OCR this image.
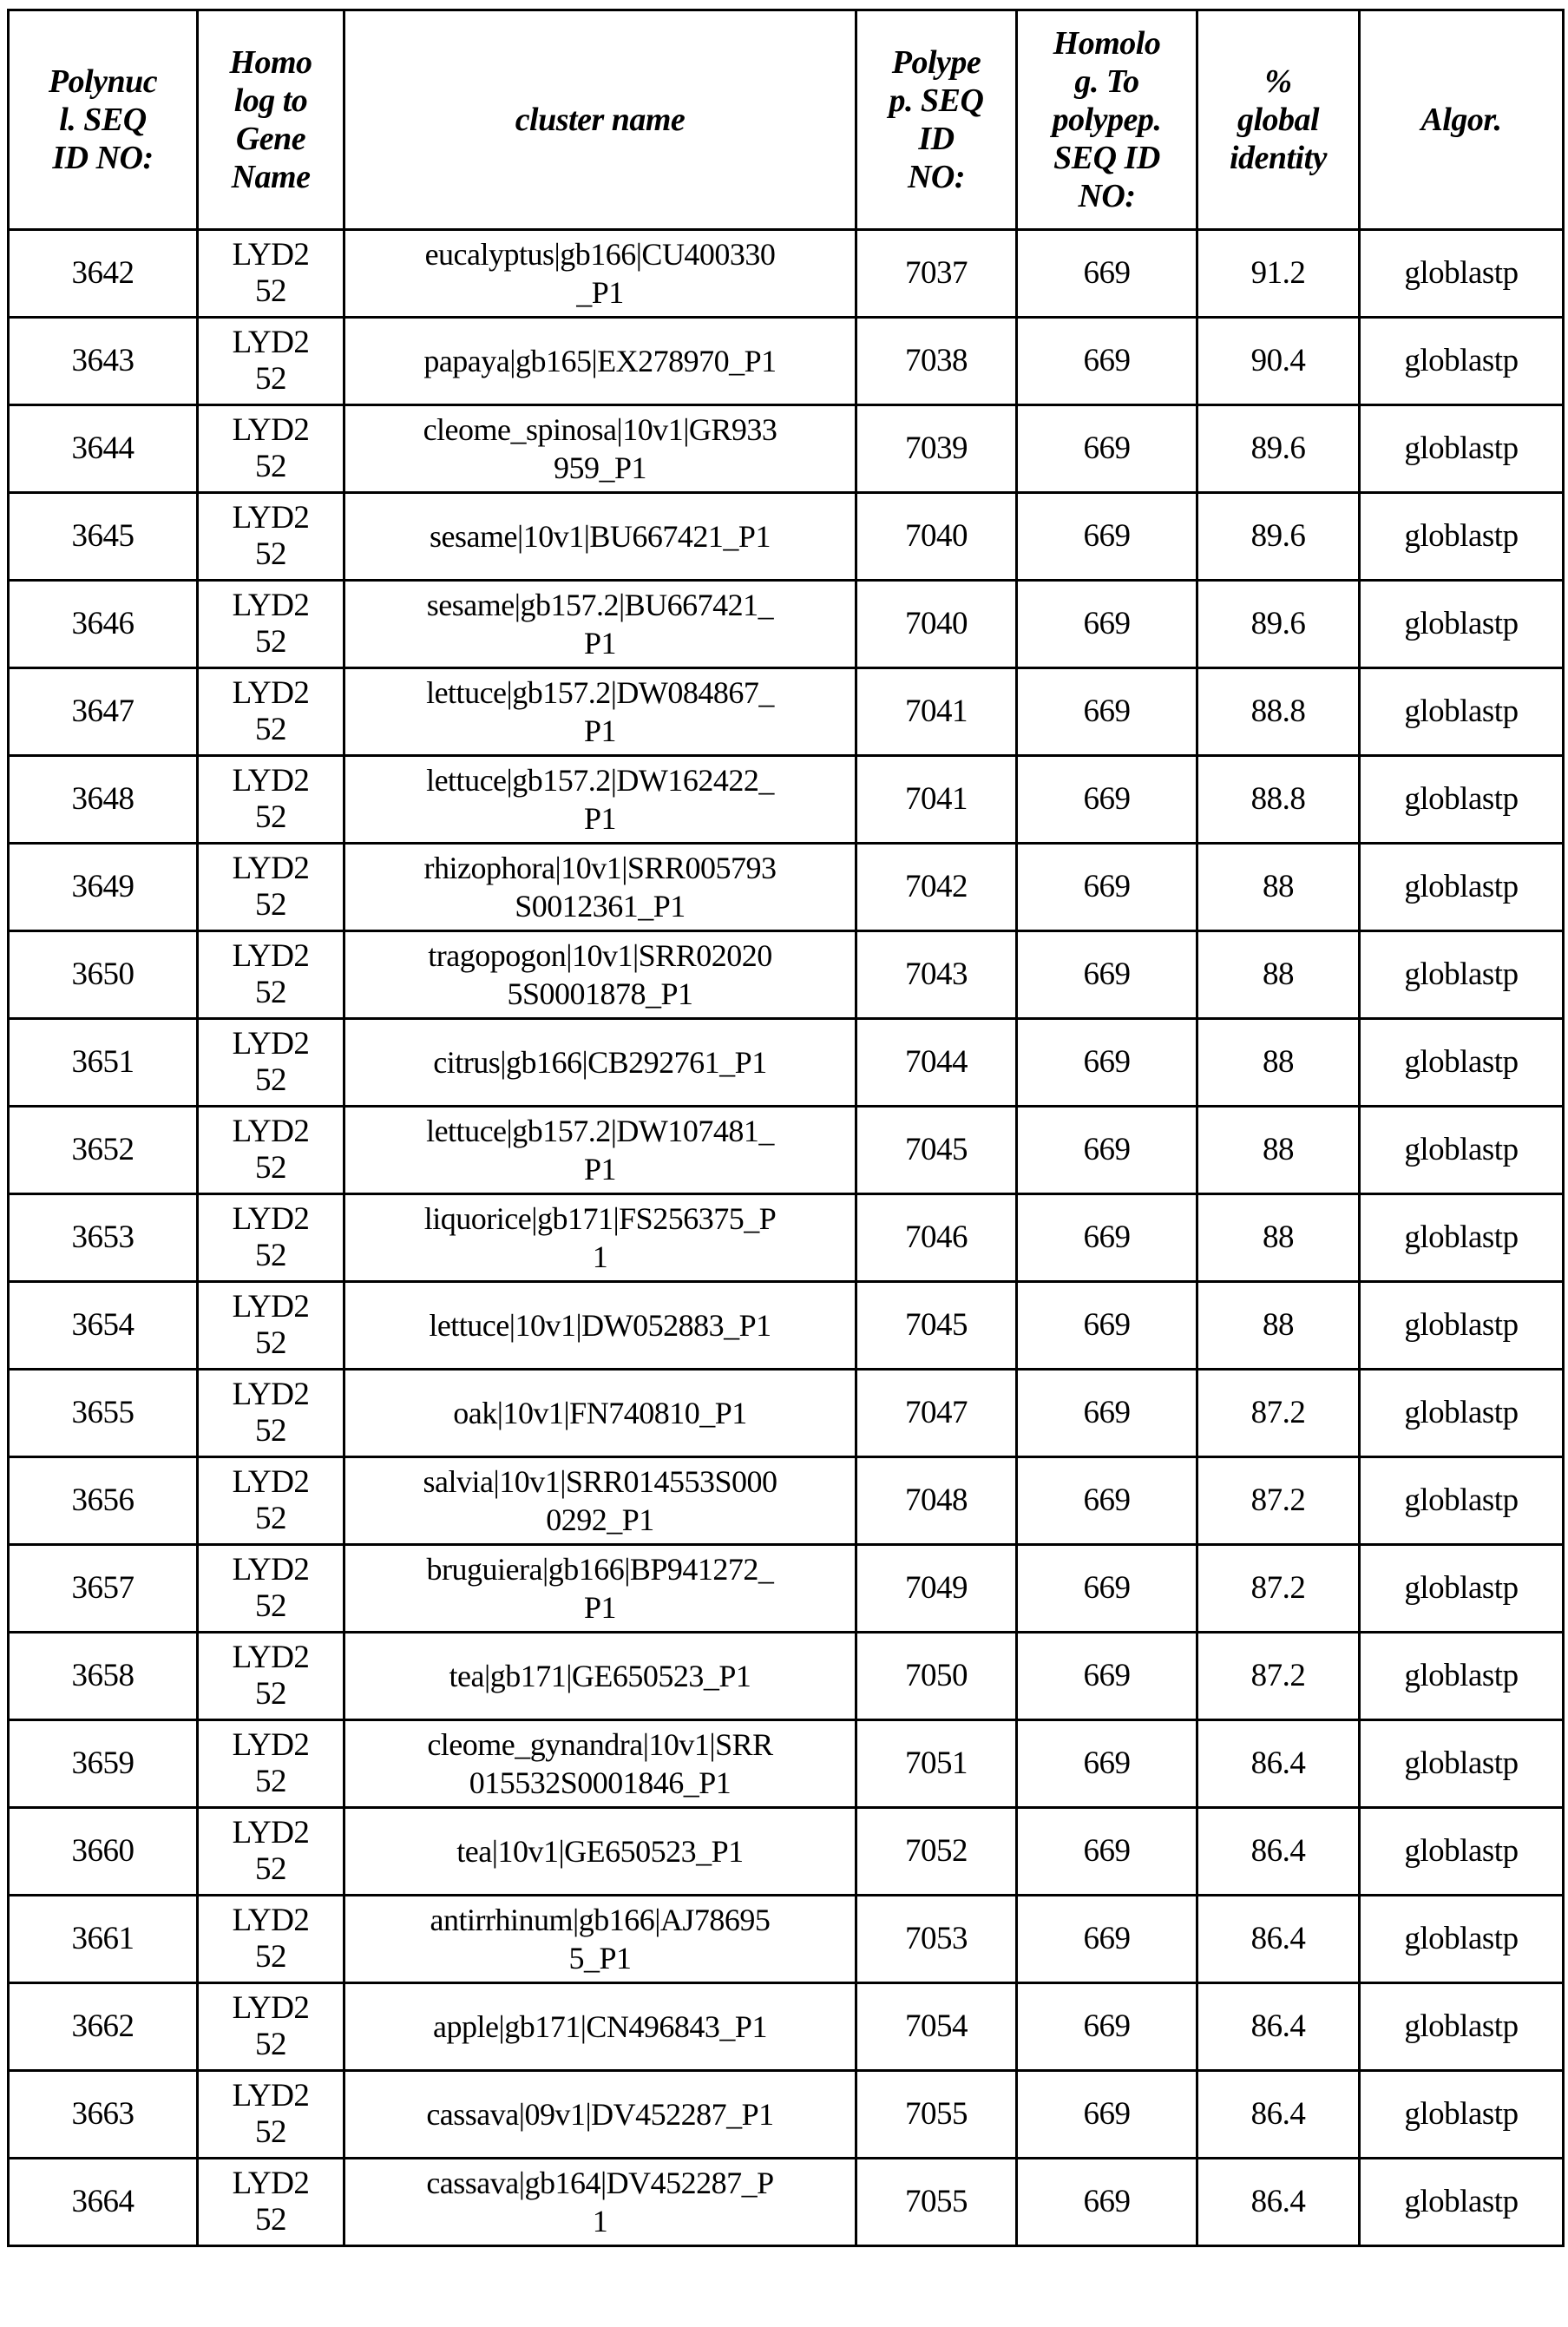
Polynuc
l. SEQ
ID NO:	Homo
log to
Gene
Name	cluster name	Polype
p. SEQ
ID
NO:	Homolo
g. To
polypep.
SEQ ID
NO:	%
global
identity	Algor.

3642	LYD2
52	eucalyptus|gb166|CU400330
_P1	7037	669	91.2	globlastp
3643	LYD2
52	papaya|gb165|EX278970_P1	7038	669	90.4	globlastp
3644	LYD2
52	cleome_spinosa|10v1|GR933
959_P1	7039	669	89.6	globlastp
3645	LYD2
52	sesame|10v1|BU667421_P1	7040	669	89.6	globlastp
3646	LYD2
52	sesame|gb157.2|BU667421_
P1	7040	669	89.6	globlastp
3647	LYD2
52	lettuce|gb157.2|DW084867_
P1	7041	669	88.8	globlastp
3648	LYD2
52	lettuce|gb157.2|DW162422_
P1	7041	669	88.8	globlastp
3649	LYD2
52	rhizophora|10v1|SRR005793
S0012361_P1	7042	669	88	globlastp
3650	LYD2
52	tragopogon|10v1|SRR02020
5S0001878_P1	7043	669	88	globlastp
3651	LYD2
52	citrus|gb166|CB292761_P1	7044	669	88	globlastp
3652	LYD2
52	lettuce|gb157.2|DW107481_
P1	7045	669	88	globlastp
3653	LYD2
52	liquorice|gb171|FS256375_P
1	7046	669	88	globlastp
3654	LYD2
52	lettuce|10v1|DW052883_P1	7045	669	88	globlastp
3655	LYD2
52	oak|10v1|FN740810_P1	7047	669	87.2	globlastp
3656	LYD2
52	salvia|10v1|SRR014553S000
0292_P1	7048	669	87.2	globlastp
3657	LYD2
52	bruguiera|gb166|BP941272_
P1	7049	669	87.2	globlastp
3658	LYD2
52	tea|gb171|GE650523_P1	7050	669	87.2	globlastp
3659	LYD2
52	cleome_gynandra|10v1|SRR
015532S0001846_P1	7051	669	86.4	globlastp
3660	LYD2
52	tea|10v1|GE650523_P1	7052	669	86.4	globlastp
3661	LYD2
52	antirrhinum|gb166|AJ78695
5_P1	7053	669	86.4	globlastp
3662	LYD2
52	apple|gb171|CN496843_P1	7054	669	86.4	globlastp
3663	LYD2
52	cassava|09v1|DV452287_P1	7055	669	86.4	globlastp
3664	LYD2
52	cassava|gb164|DV452287_P
1	7055	669	86.4	globlastp
